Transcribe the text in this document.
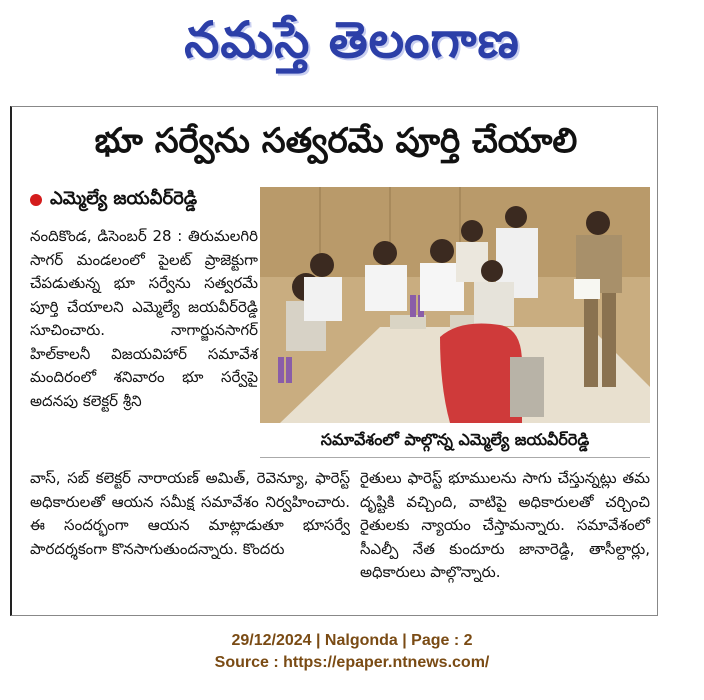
నమస్తే తెలంగాణ
భూ సర్వేను సత్వరమే పూర్తి చేయాలి
ఎమ్మెల్యే జయవీర్‌రెడ్డి
నందికొండ, డిసెంబర్ 28 : తిరుమలగిరి సాగర్ మండలంలో పైలట్ ప్రాజెక్టుగా చేపడుతున్న భూ సర్వేను సత్వరమే పూర్తి చేయాలని ఎమ్మెల్యే జయవీర్‌రెడ్డి సూచించారు. నాగార్జునసాగర్ హిల్‌కాలనీ విజయవిహార్ సమావేశ మందిరంలో శనివారం భూ సర్వేపై అదనపు కలెక్టర్ శ్రీని
సమావేశంలో పాల్గొన్న ఎమ్మెల్యే జయవీర్‌రెడ్డి
వాస్, సబ్ కలెక్టర్ నారాయణ్ అమిత్, రెవెన్యూ, ఫారెస్ట్ అధికారులతో ఆయన సమీక్ష సమావేశం నిర్వహించారు. ఈ సందర్భంగా ఆయన మాట్లాడుతూ భూసర్వే పారదర్శకంగా కొనసాగుతుందన్నారు. కొందరు
రైతులు ఫారెస్ట్ భూములను సాగు చేస్తున్నట్లు తమ దృష్టికి వచ్చింది, వాటిపై అధికారులతో చర్చించి రైతులకు న్యాయం చేస్తామన్నారు. సమావేశంలో సీఎల్పీ నేత కుందూరు జానారెడ్డి, తాసీల్దార్లు, అధికారులు పాల్గొన్నారు.
29/12/2024 | Nalgonda | Page : 2
Source : https://epaper.ntnews.com/
